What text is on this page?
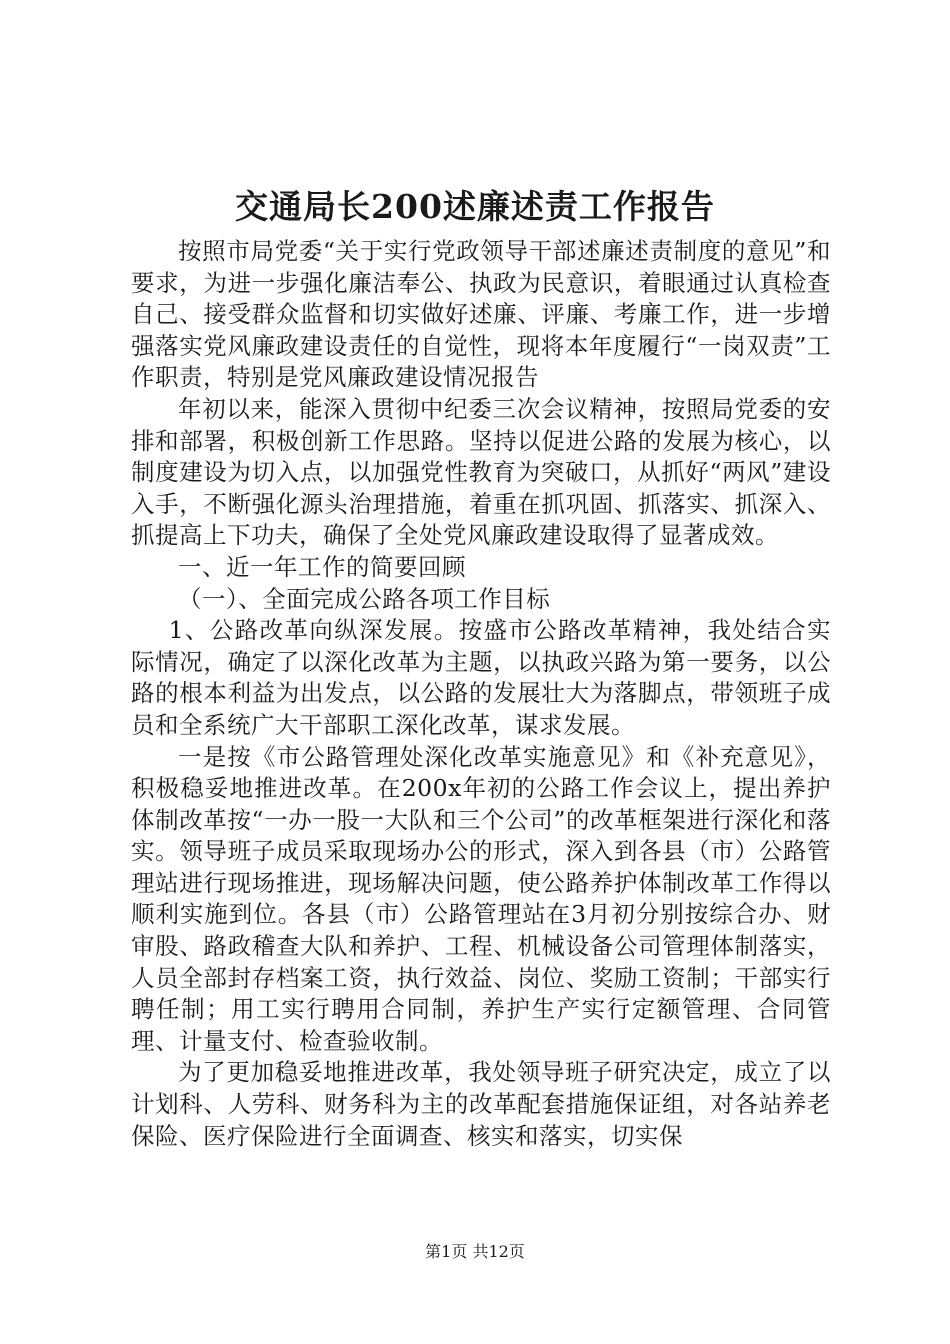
交通局长200述廉述责工作报告

按照市局党委“关于实行党政领导干部述廉述责制度的意见”和要求，为进一步强化廉洁奉公、执政为民意识，着眼通过认真检查自己、接受群众监督和切实做好述廉、评廉、考廉工作，进一步增强落实党风廉政建设责任的自觉性，现将本年度履行“一岗双责”工作职责，特别是党风廉政建设情况报告

年初以来，能深入贯彻中纪委三次会议精神，按照局党委的安排和部署，积极创新工作思路。坚持以促进公路的发展为核心，以制度建设为切入点，以加强党性教育为突破口，从抓好“两风”建设入手，不断强化源头治理措施，着重在抓巩固、抓落实、抓深入、抓提高上下功夫，确保了全处党风廉政建设取得了显著成效。

一、近一年工作的简要回顾

（一）、全面完成公路各项工作目标

1、公路改革向纵深发展。按盛市公路改革精神，我处结合实际情况，确定了以深化改革为主题，以执政兴路为第一要务，以公路的根本利益为出发点，以公路的发展壮大为落脚点，带领班子成员和全系统广大干部职工深化改革，谋求发展。

一是按《市公路管理处深化改革实施意见》和《补充意见》，积极稳妥地推进改革。在200x年初的公路工作会议上，提出养护体制改革按“一办一股一大队和三个公司”的改革框架进行深化和落实。领导班子成员采取现场办公的形式，深入到各县（市）公路管理站进行现场推进，现场解决问题，使公路养护体制改革工作得以顺利实施到位。各县（市）公路管理站在3月初分别按综合办、财审股、路政稽查大队和养护、工程、机械设备公司管理体制落实，人员全部封存档案工资，执行效益、岗位、奖励工资制；干部实行聘任制；用工实行聘用合同制，养护生产实行定额管理、合同管理、计量支付、检查验收制。

为了更加稳妥地推进改革，我处领导班子研究决定，成立了以计划科、人劳科、财务科为主的改革配套措施保证组，对各站养老保险、医疗保险进行全面调查、核实和落实，切实保

第1页 共12页
